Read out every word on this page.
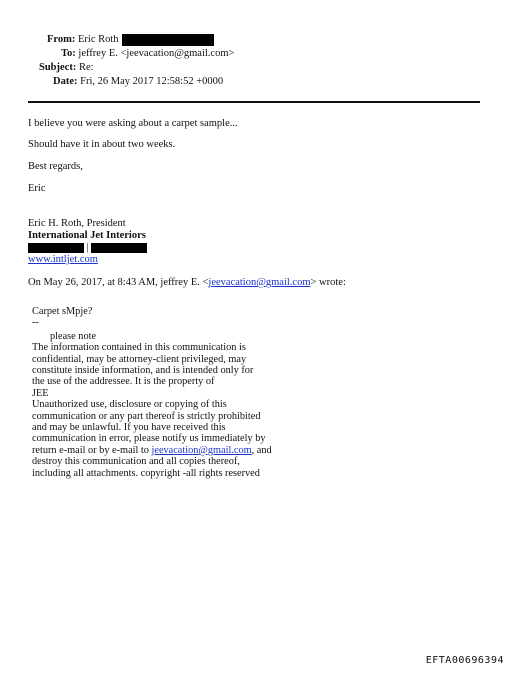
From: Eric Roth
To: jeffrey E. <jeevacation@gmail.com>
Subject: Re:
Date: Fri, 26 May 2017 12:58:52 +0000
I believe you were asking about a carpet sample...
Should have it in about two weeks.
Best regards,
Eric
Eric H. Roth, President
International Jet Interiors
|
www.intljet.com
On May 26, 2017, at 8:43 AM, jeffrey E. <jeevacation@gmail.com> wrote:
Carpet sMpje?
--
please note
The information contained in this communication is
confidential, may be attorney-client privileged, may
constitute inside information, and is intended only for
the use of the addressee. It is the property of
JEE
Unauthorized use, disclosure or copying of this
communication or any part thereof is strictly prohibited
and may be unlawful. If you have received this
communication in error, please notify us immediately by
return e-mail or by e-mail to jeevacation@gmail.com, and
destroy this communication and all copies thereof,
including all attachments. copyright -all rights reserved
EFTA00696394
